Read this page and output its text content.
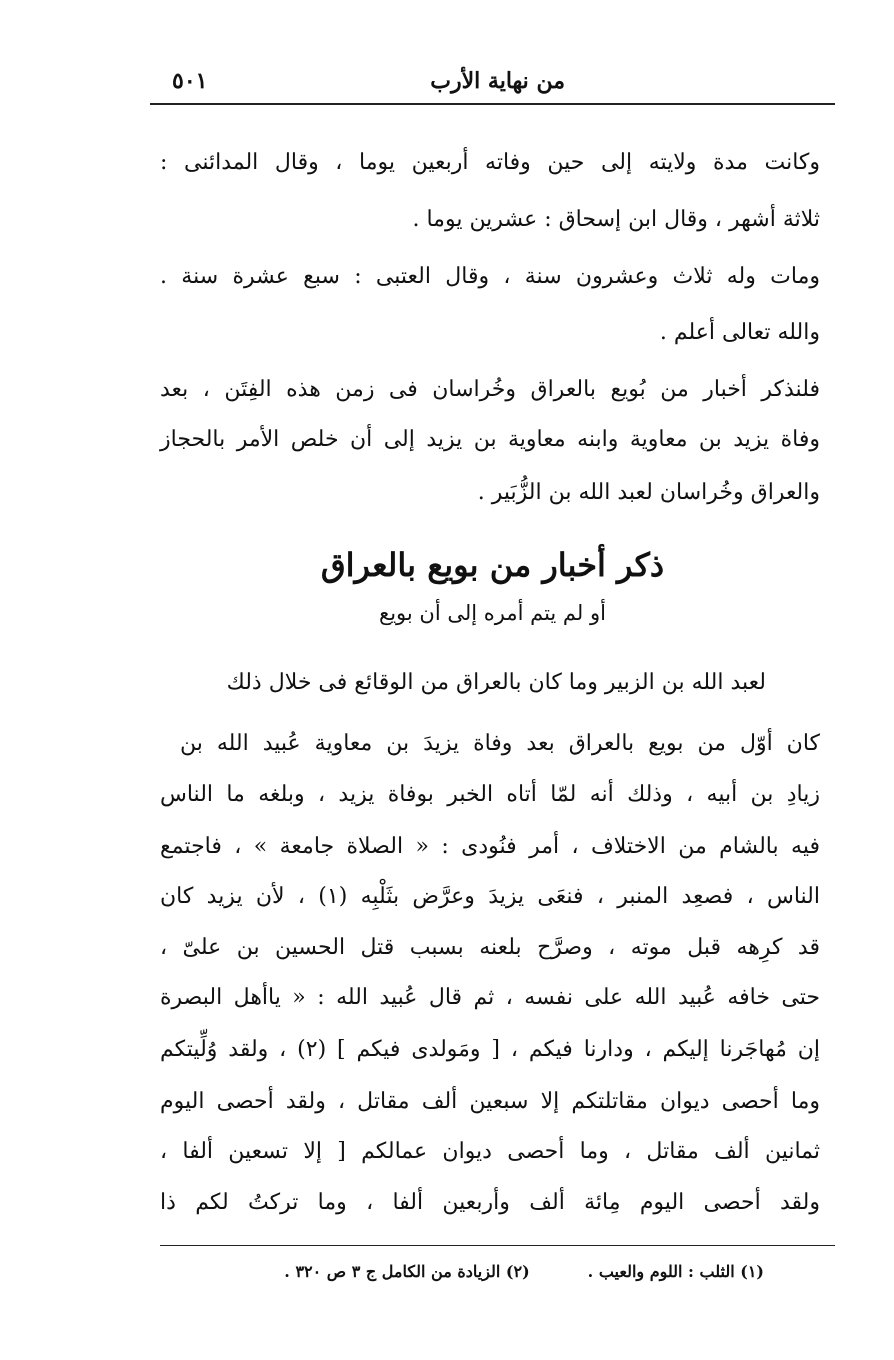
من نهاية الأرب
٥٠١
وكانت مدة ولايته إلى حين وفاته أربعين يوما ، وقال المدائنى :
ثلاثة أشهر ، وقال ابن إسحاق : عشرين يوما .
ومات وله ثلاث وعشرون سنة ، وقال العتبى : سبع عشرة سنة .
والله تعالى أعلم .
فلنذكر أخبار من بُويع بالعراق وخُراسان فى زمن هذه الفِتَن ، بعد
وفاة يزيد بن معاوية وابنه معاوية بن يزيد إلى أن خلص الأمر بالحجاز
والعراق وخُراسان لعبد الله بن الزُّبَير .
ذكر أخبار من بويع بالعراق
أو لم يتم أمره إلى أن بويع
لعبد الله بن الزبير وما كان بالعراق من الوقائع فى خلال ذلك
كان أوّل من بويع بالعراق بعد وفاة يزيدَ بن معاوية عُبيد الله بن
زيادِ بن أبيه ، وذلك أنه لمّا أتاه الخبر بوفاة يزيد ، وبلغه ما الناس
فيه بالشام من الاختلاف ، أمر فنُودى : « الصلاة جامعة » ، فاجتمع
الناس ، فصعِد المنبر ، فنعَى يزيدَ وعرَّض بثَلْبِه (١) ، لأن يزيد كان
قد كرِهه قبل موته ، وصرَّح بلعنه بسبب قتل الحسين بن علىّ ،
حتى خافه عُبيد الله على نفسه ، ثم قال عُبيد الله : « ياأهل البصرة
إن مُهاجَرنا إليكم ، ودارنا فيكم ، [ ومَولدى فيكم ] (٢) ، ولقد وُلِّيتكم
وما أحصى ديوان مقاتلتكم إلا سبعين ألف مقاتل ، ولقد أحصى اليوم
ثمانين ألف مقاتل ، وما أحصى ديوان عمالكم [ إلا تسعين ألفا ،
ولقد أحصى اليوم مِائة ألف وأربعين ألفا ، وما تركتُ لكم ذا
(١) الثلب : اللوم والعيب .(٢) الزيادة من الكامل ج ٣ ص ٣٢٠ .
